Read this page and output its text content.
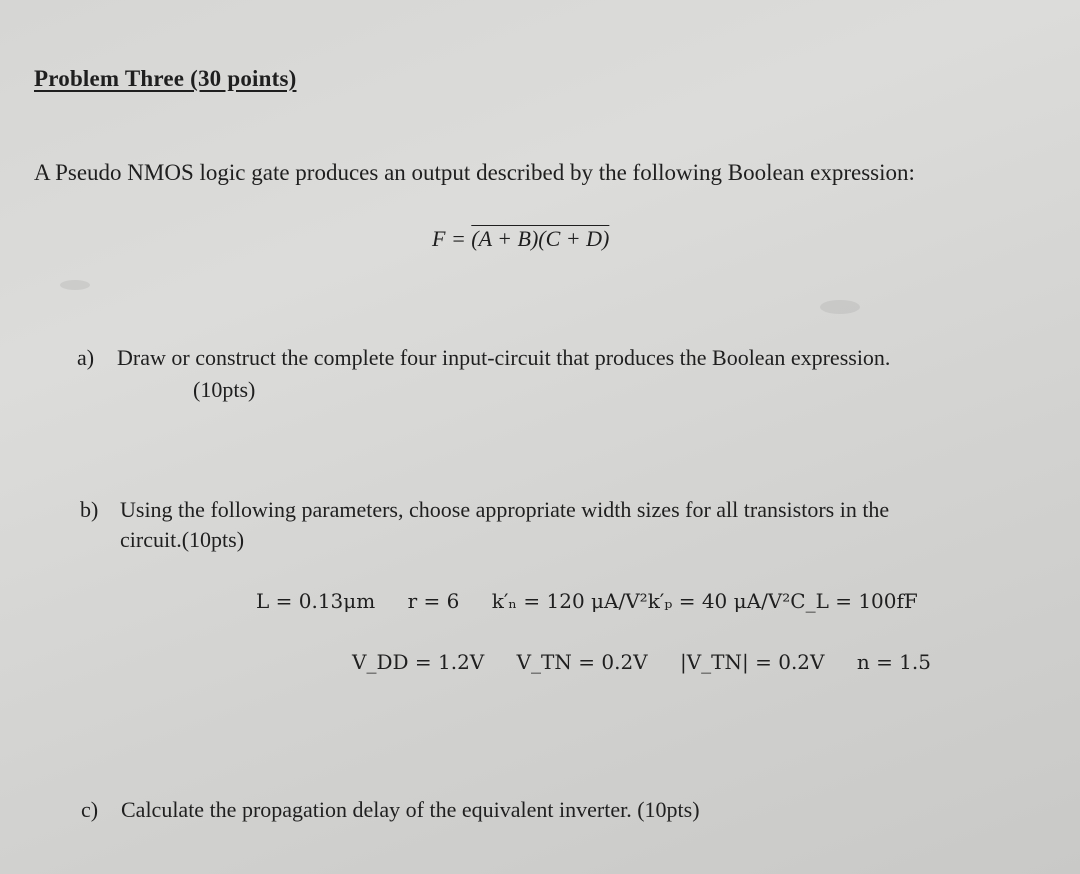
Problem Three (30 points)
A Pseudo NMOS logic gate produces an output described by the following Boolean expression:
F = (A + B)(C + D)
a) Draw or construct the complete four input-circuit that produces the Boolean expression.
(10pts)
b) Using the following parameters, choose appropriate width sizes for all transistors in the
circuit.(10pts)
L = 0.13μm r = 6 k′ₙ = 120 μA/V²k′ₚ = 40 μA/V²C_L = 100fF
V_DD = 1.2V V_TN = 0.2V |V_TN| = 0.2V n = 1.5
c) Calculate the propagation delay of the equivalent inverter. (10pts)
